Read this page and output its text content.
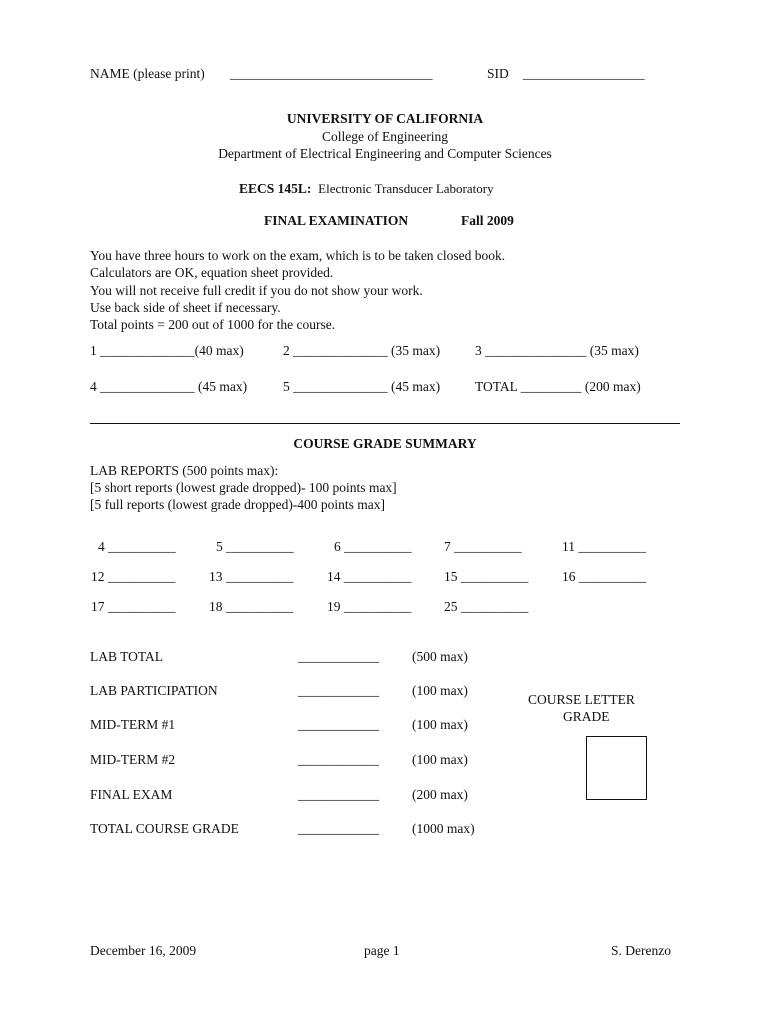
NAME (please print) ______________________________	SID __________________
UNIVERSITY OF CALIFORNIA
College of Engineering
Department of Electrical Engineering and Computer Sciences
EECS 145L: Electronic Transducer Laboratory
FINAL EXAMINATION	Fall 2009
You have three hours to work on the exam, which is to be taken closed book.
Calculators are OK, equation sheet provided.
You will not receive full credit if you do not show your work.
Use back side of sheet if necessary.
Total points = 200 out of 1000 for the course.
1 ______________(40 max)	2 ______________ (35 max)	3 _______________ (35 max)
4 ______________ (45 max)	5 ______________ (45 max)	TOTAL _________ (200 max)
COURSE GRADE SUMMARY
LAB REPORTS (500 points max):
[5 short reports (lowest grade dropped)- 100 points max]
[5 full reports (lowest grade dropped)-400 points max]
4 __________	5 __________	6 __________ 7 __________	11 __________
12 __________ 13 __________ 14 __________ 15 __________ 16 __________
17 __________ 18 __________ 19 __________ 25 __________
LAB TOTAL	____________ (500 max)
LAB PARTICIPATION	____________ (100 max)
MID-TERM #1	____________ (100 max)
MID-TERM #2	____________ (100 max)
FINAL EXAM	____________ (200 max)
TOTAL COURSE GRADE	____________ (1000 max)
COURSE LETTER
GRADE
December 16, 2009	page 1	S. Derenzo
